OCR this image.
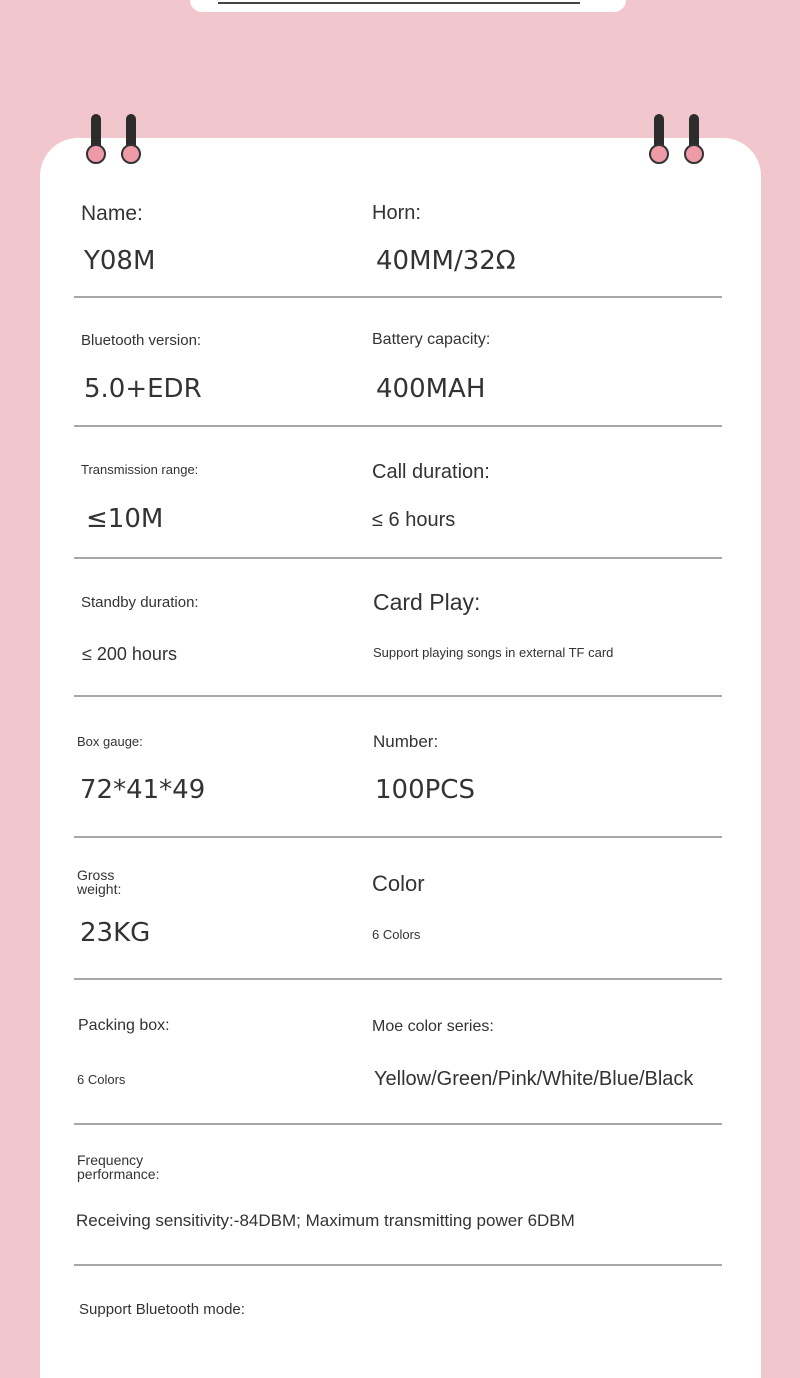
Name:
Y08M
Horn:
40MM/32Ω
Bluetooth version:
5.0+EDR
Battery capacity:
400MAH
Transmission range:
≤10M
Call duration:
≤ 6 hours
Standby duration:
≤ 200 hours
Card Play:
Support playing songs in external TF card
Box gauge:
72*41*49
Number:
100PCS
Gross
weight:
23KG
Color
6 Colors
Packing box:
6 Colors
Moe color series:
Yellow/Green/Pink/White/Blue/Black
Frequency
performance:
Receiving sensitivity:-84DBM; Maximum transmitting power 6DBM
Support Bluetooth mode:
